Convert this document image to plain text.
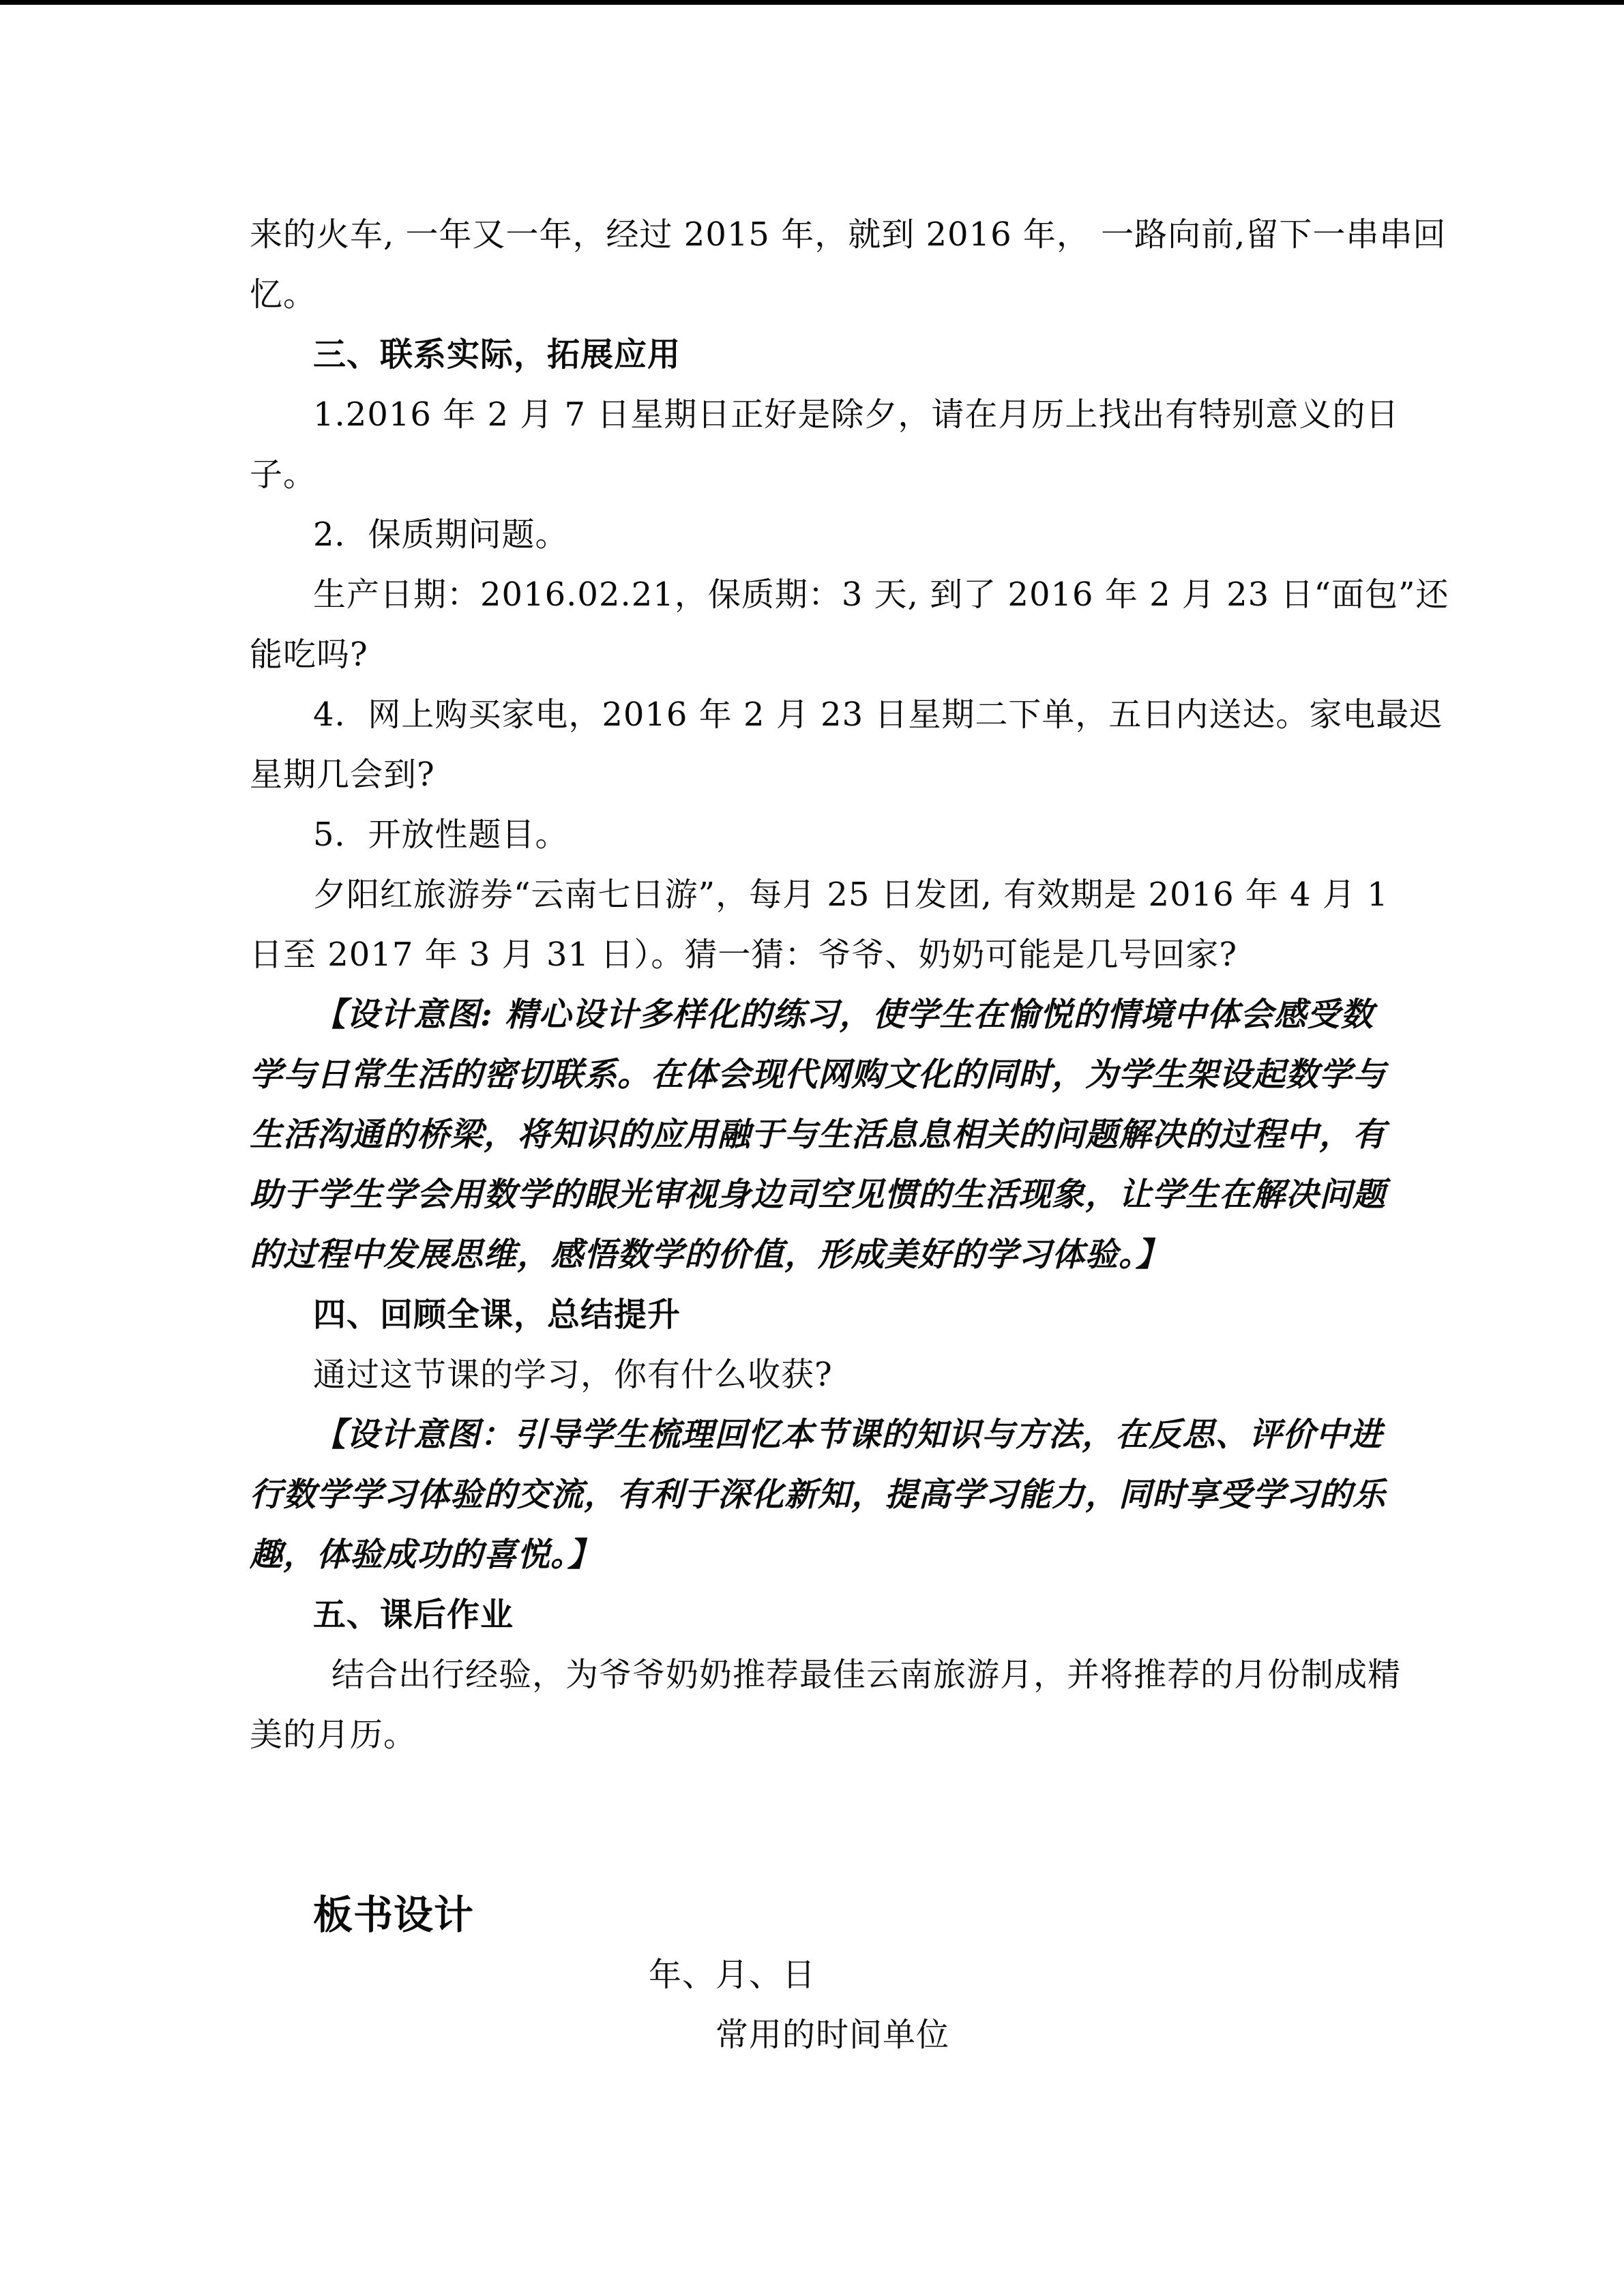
来的火车, 一年又一年，经过 2015 年，就到 2016 年， 一路向前,留下一串串回
忆。
三、联系实际，拓展应用
1.2016 年 2 月 7 日星期日正好是除夕，请在月历上找出有特别意义的日
子。
2．保质期问题。
生产日期：2016.02.21，保质期：3 天, 到了 2016 年 2 月 23 日“面包”还
能吃吗?
4.  网上购买家电，2016 年 2 月 23 日星期二下单，五日内送达。家电最迟
星期几会到?
5．开放性题目。
夕阳红旅游券“云南七日游”，每月 25 日发团, 有效期是 2016 年 4 月 1
日至 2017 年 3 月 31 日）。猜一猜：爷爷、奶奶可能是几号回家?
【设计意图: 精心设计多样化的练习，使学生在愉悦的情境中体会感受数
学与日常生活的密切联系。在体会现代网购文化的同时，为学生架设起数学与
生活沟通的桥梁，将知识的应用融于与生活息息相关的问题解决的过程中，有
助于学生学会用数学的眼光审视身边司空见惯的生活现象，让学生在解决问题
的过程中发展思维，感悟数学的价值，形成美好的学习体验。】
四、回顾全课，总结提升
通过这节课的学习，你有什么收获?
【设计意图：引导学生梳理回忆本节课的知识与方法，在反思、评价中进
行数学学习体验的交流，有利于深化新知，提高学习能力，同时享受学习的乐
趣，体验成功的喜悦。】
五、课后作业
结合出行经验，为爷爷奶奶推荐最佳云南旅游月，并将推荐的月份制成精
美的月历。
板书设计
年、月、日
常用的时间单位
